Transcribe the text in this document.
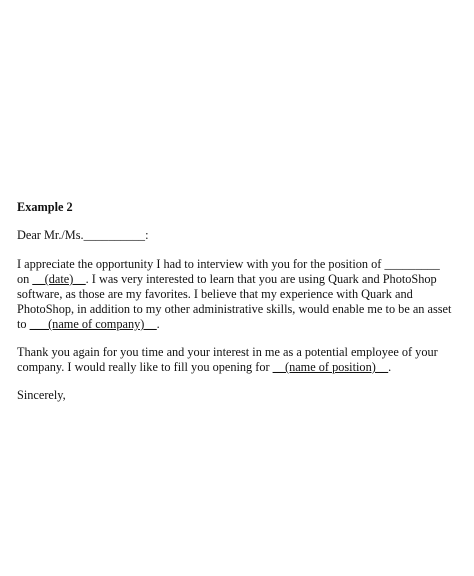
Example 2
Dear Mr./Ms.__________:
I appreciate the opportunity I had to interview with you for the position of _________
on __(date)__. I was very interested to learn that you are using Quark and PhotoShop
software, as those are my favorites. I believe that my experience with Quark and
PhotoShop, in addition to my other administrative skills, would enable me to be an asset
to ___(name of company)__.
Thank you again for you time and your interest in me as a potential employee of your
company. I would really like to fill you opening for __(name of position)__.
Sincerely,
